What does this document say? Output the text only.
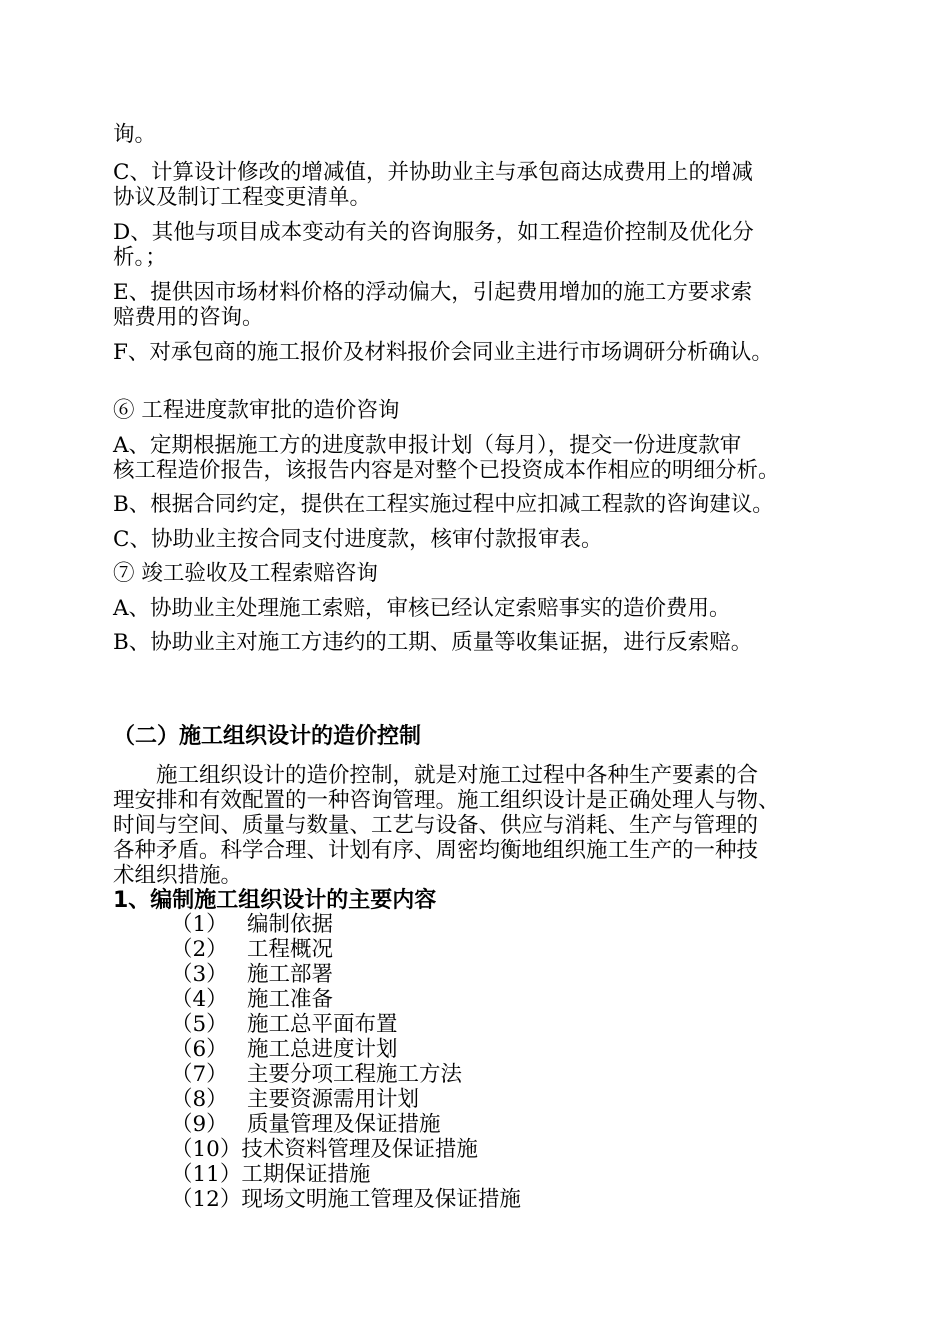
询。
C、计算设计修改的增减值，并协助业主与承包商达成费用上的增减
协议及制订工程变更清单。
D、其他与项目成本变动有关的咨询服务，如工程造价控制及优化分
析。；
E、提供因市场材料价格的浮动偏大，引起费用增加的施工方要求索
赔费用的咨询。
F、对承包商的施工报价及材料报价会同业主进行市场调研分析确认。
⑥ 工程进度款审批的造价咨询
A、定期根据施工方的进度款申报计划（每月），提交一份进度款审
核工程造价报告，该报告内容是对整个已投资成本作相应的明细分析。
B、根据合同约定，提供在工程实施过程中应扣减工程款的咨询建议。
C、协助业主按合同支付进度款，核审付款报审表。
⑦ 竣工验收及工程索赔咨询
A、协助业主处理施工索赔，审核已经认定索赔事实的造价费用。
B、协助业主对施工方违约的工期、质量等收集证据，进行反索赔。
（二）施工组织设计的造价控制
　　施工组织设计的造价控制，就是对施工过程中各种生产要素的合
理安排和有效配置的一种咨询管理。施工组织设计是正确处理人与物、
时间与空间、质量与数量、工艺与设备、供应与消耗、生产与管理的
各种矛盾。科学合理、计划有序、周密均衡地组织施工生产的一种技
术组织措施。
1、编制施工组织设计的主要内容
（1） 编制依据
（2） 工程概况
（3） 施工部署
（4） 施工准备
（5） 施工总平面布置
（6） 施工总进度计划
（7） 主要分项工程施工方法
（8） 主要资源需用计划
（9） 质量管理及保证措施
（10）技术资料管理及保证措施
（11）工期保证措施
（12）现场文明施工管理及保证措施
